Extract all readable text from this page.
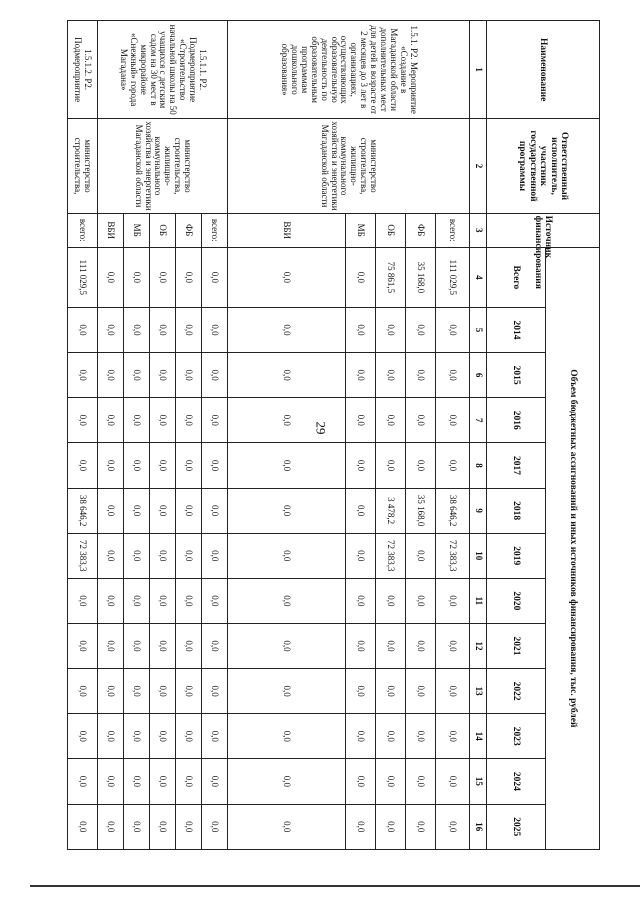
29
Наименование	Ответственный исполнитель, участник государственной программы	Источник финансирования	Объем бюджетных ассигнований и иных источников финансирования, тыс. рублей												
			Всего	2014	2015	2016	2017	2018	2019	2020	2021	2022	2023	2024	2025
1	2	3	4	5	6	7	8	9	10	11	12	13	14	15	16
1.5.1. Р2. Мероприятие «Создание в Магаданской области дополнительных мест для детей в возрасте от 2 месяцев до 3 лет в организациях, осуществляющих образовательную деятельность по образовательным программам дошкольного образования»	министерство строительства, жилищно-коммунального хозяйства и энергетики Магаданской области	всего:	111 029,5	0,0	0,0	0,0	0,0	38 646,2	72 383,3	0,0	0,0	0,0	0,0	0,0	0,0
		ФБ	35 168,0	0,0	0,0	0,0	0,0	35 168,0	0,0	0,0	0,0	0,0	0,0	0,0	0,0
		ОБ	75 861,5	0,0	0,0	0,0	0,0	3 478,2	72 383,3	0,0	0,0	0,0	0,0	0,0	0,0
		МБ	0,0	0,0	0,0	0,0	0,0	0,0	0,0	0,0	0,0	0,0	0,0	0,0	0,0
		ВБИ	0,0	0,0	0,0	0,0	0,0	0,0	0,0	0,0	0,0	0,0	0,0	0,0	0,0
1.5.1.1. Р2. Подмероприятие «Строительство начальной школы на 50 учащихся с детским садом на 30 мест в микрорайоне «Снежный» города Магадана»	министерство строительства, жилищно-коммунального хозяйства и энергетики Магаданской области	всего:	0,0	0,0	0,0	0,0	0,0	0,0	0,0	0,0	0,0	0,0	0,0	0,0	0,0
		ФБ	0,0	0,0	0,0	0,0	0,0	0,0	0,0	0,0	0,0	0,0	0,0	0,0	0,0
		ОБ	0,0	0,0	0,0	0,0	0,0	0,0	0,0	0,0	0,0	0,0	0,0	0,0	0,0
		МБ	0,0	0,0	0,0	0,0	0,0	0,0	0,0	0,0	0,0	0,0	0,0	0,0	0,0
		ВБИ	0,0	0,0	0,0	0,0	0,0	0,0	0,0	0,0	0,0	0,0	0,0	0,0	0,0
1.5.1.2. Р2. Подмероприятие	министерство строительства,	всего:	111 029,5	0,0	0,0	0,0	0,0	38 646,2	72 383,3	0,0	0,0	0,0	0,0	0,0	0,0
